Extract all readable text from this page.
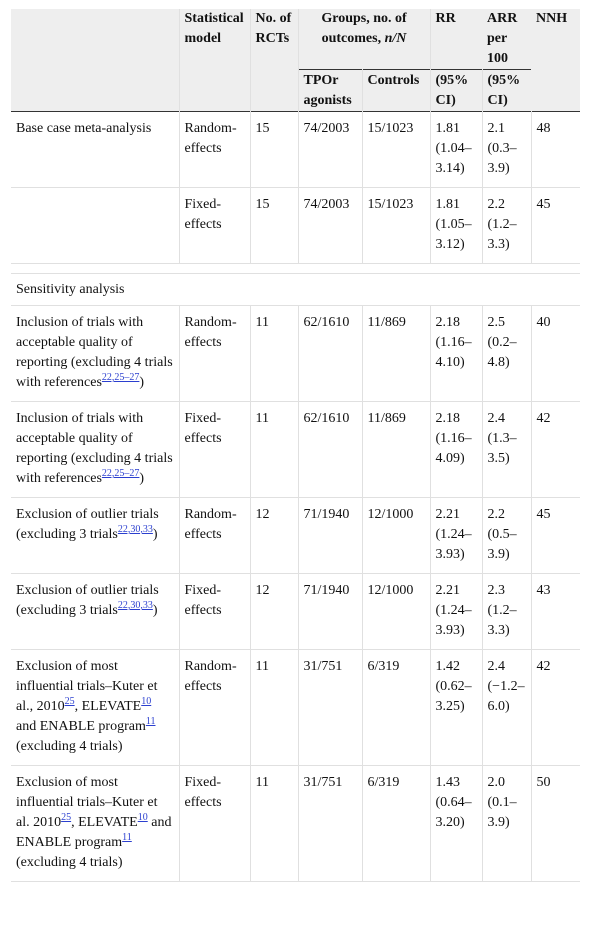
	Statistical model	No. of RCTs	Groups, no. of outcomes, n/N		RR	ARR per 100	NNH
			TPOr agonists	Controls	(95% CI)	(95% CI)	
Base case meta-analysis	Random-effects	15	74/2003	15/1023	1.81 (1.04–3.14)	2.1 (0.3–3.9)	48
	Fixed-effects	15	74/2003	15/1023	1.81 (1.05–3.12)	2.2 (1.2–3.3)	45

Sensitivity analysis							
Inclusion of trials with acceptable quality of reporting (excluding 4 trials with references$^{22,25-27}$)	Random-effects	11	62/1610	11/869	2.18 (1.16–4.10)	2.5 (0.2–4.8)	40
Inclusion of trials with acceptable quality of reporting (excluding 4 trials with references$^{22,25-27}$)	Fixed-effects	11	62/1610	11/869	2.18 (1.16–4.09)	2.4 (1.3–3.5)	42
Exclusion of outlier trials (excluding 3 trials$^{22,30,33}$)	Random-effects	12	71/1940	12/1000	2.21 (1.24–3.93)	2.2 (0.5–3.9)	45
Exclusion of outlier trials (excluding 3 trials$^{22,30,33}$)	Fixed-effects	12	71/1940	12/1000	2.21 (1.24–3.93)	2.3 (1.2–3.3)	43
Exclusion of most influential trials–Kuter et al., 2010$^{25}$, ELEVATE$^{10}$ and ENABLE program$^{11}$ (excluding 4 trials)	Random-effects	11	31/751	6/319	1.42 (0.62–3.25)	2.4 (−1.2–6.0)	42
Exclusion of most influential trials–Kuter et al. 2010$^{25}$, ELEVATE$^{10}$ and ENABLE program$^{11}$ (excluding 4 trials)	Fixed-effects	11	31/751	6/319	1.43 (0.64–3.20)	2.0 (0.1–3.9)	50
